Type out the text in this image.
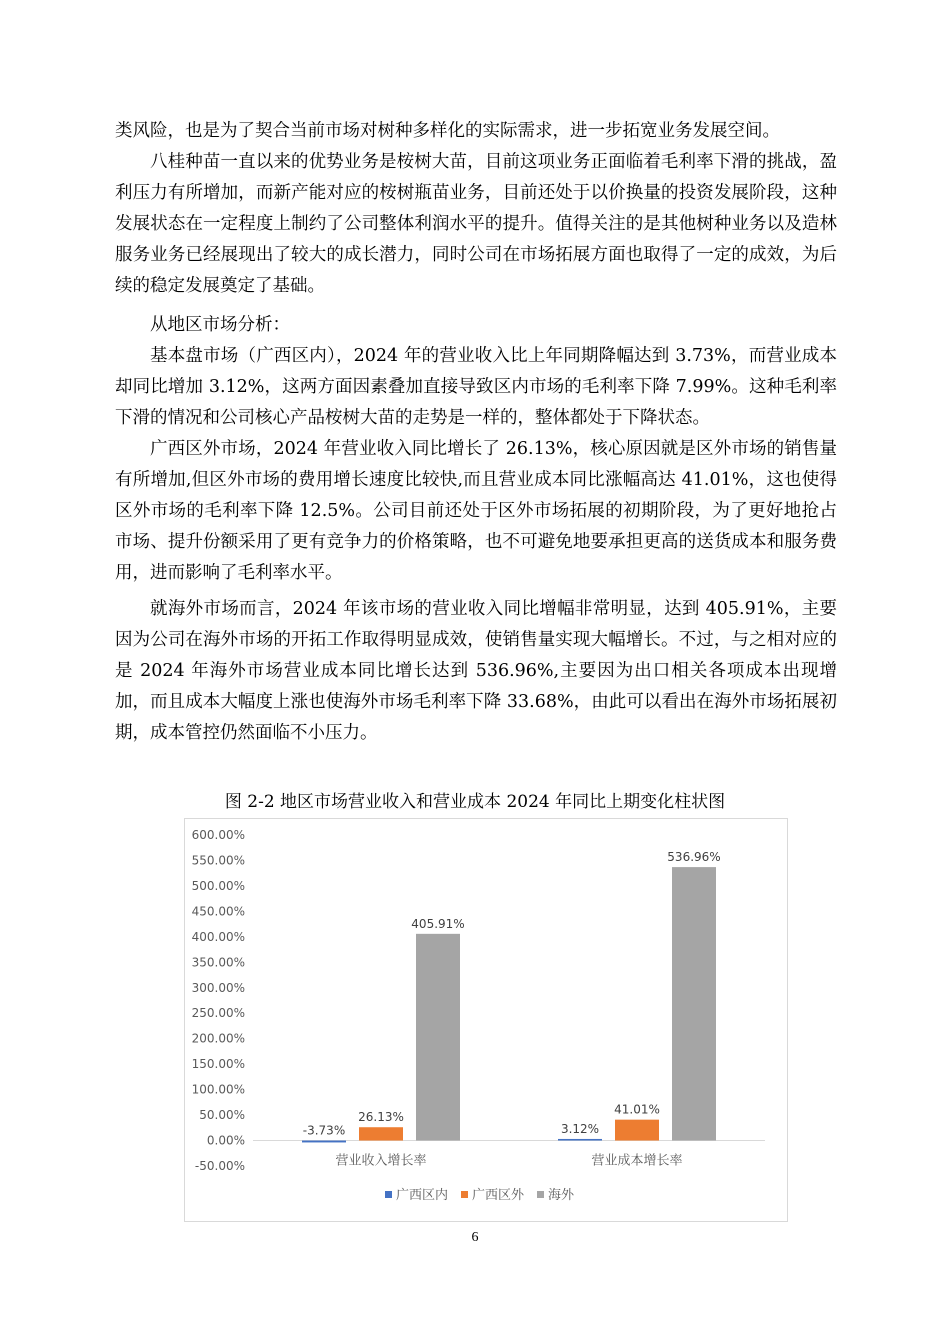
类风险，也是为了契合当前市场对树种多样化的实际需求，进一步拓宽业务发展空间。

八桂种苗一直以来的优势业务是桉树大苗，目前这项业务正面临着毛利率下滑的挑战，盈利压力有所增加，而新产能对应的桉树瓶苗业务，目前还处于以价换量的投资发展阶段，这种发展状态在一定程度上制约了公司整体利润水平的提升。值得关注的是其他树种业务以及造林服务业务已经展现出了较大的成长潜力，同时公司在市场拓展方面也取得了一定的成效，为后续的稳定发展奠定了基础。

从地区市场分析：

基本盘市场（广西区内），2024 年的营业收入比上年同期降幅达到 3.73%，而营业成本却同比增加 3.12%，这两方面因素叠加直接导致区内市场的毛利率下降 7.99%。这种毛利率下滑的情况和公司核心产品桉树大苗的走势是一样的，整体都处于下降状态。

广西区外市场，2024 年营业收入同比增长了 26.13%，核心原因就是区外市场的销售量有所增加,但区外市场的费用增长速度比较快,而且营业成本同比涨幅高达 41.01%，这也使得区外市场的毛利率下降 12.5%。公司目前还处于区外市场拓展的初期阶段，为了更好地抢占市场、提升份额采用了更有竞争力的价格策略，也不可避免地要承担更高的送货成本和服务费用，进而影响了毛利率水平。

就海外市场而言，2024 年该市场的营业收入同比增幅非常明显，达到 405.91%，主要因为公司在海外市场的开拓工作取得明显成效，使销售量实现大幅增长。不过，与之相对应的是 2024 年海外市场营业成本同比增长达到 536.96%,主要因为出口相关各项成本出现增加，而且成本大幅度上涨也使海外市场毛利率下降 33.68%，由此可以看出在海外市场拓展初期，成本管控仍然面临不小压力。

图 2-2 地区市场营业收入和营业成本 2024 年同比上期变化柱状图
600.00%
550.00%
500.00%
450.00%
400.00%
350.00%
300.00%
250.00%
200.00%
150.00%
100.00%
50.00%
0.00%
-50.00%
-3.73%
26.13%
405.91%
营业收入增长率
3.12%
41.01%
536.96%
营业成本增长率
广西区内 广西区外 海外
6
